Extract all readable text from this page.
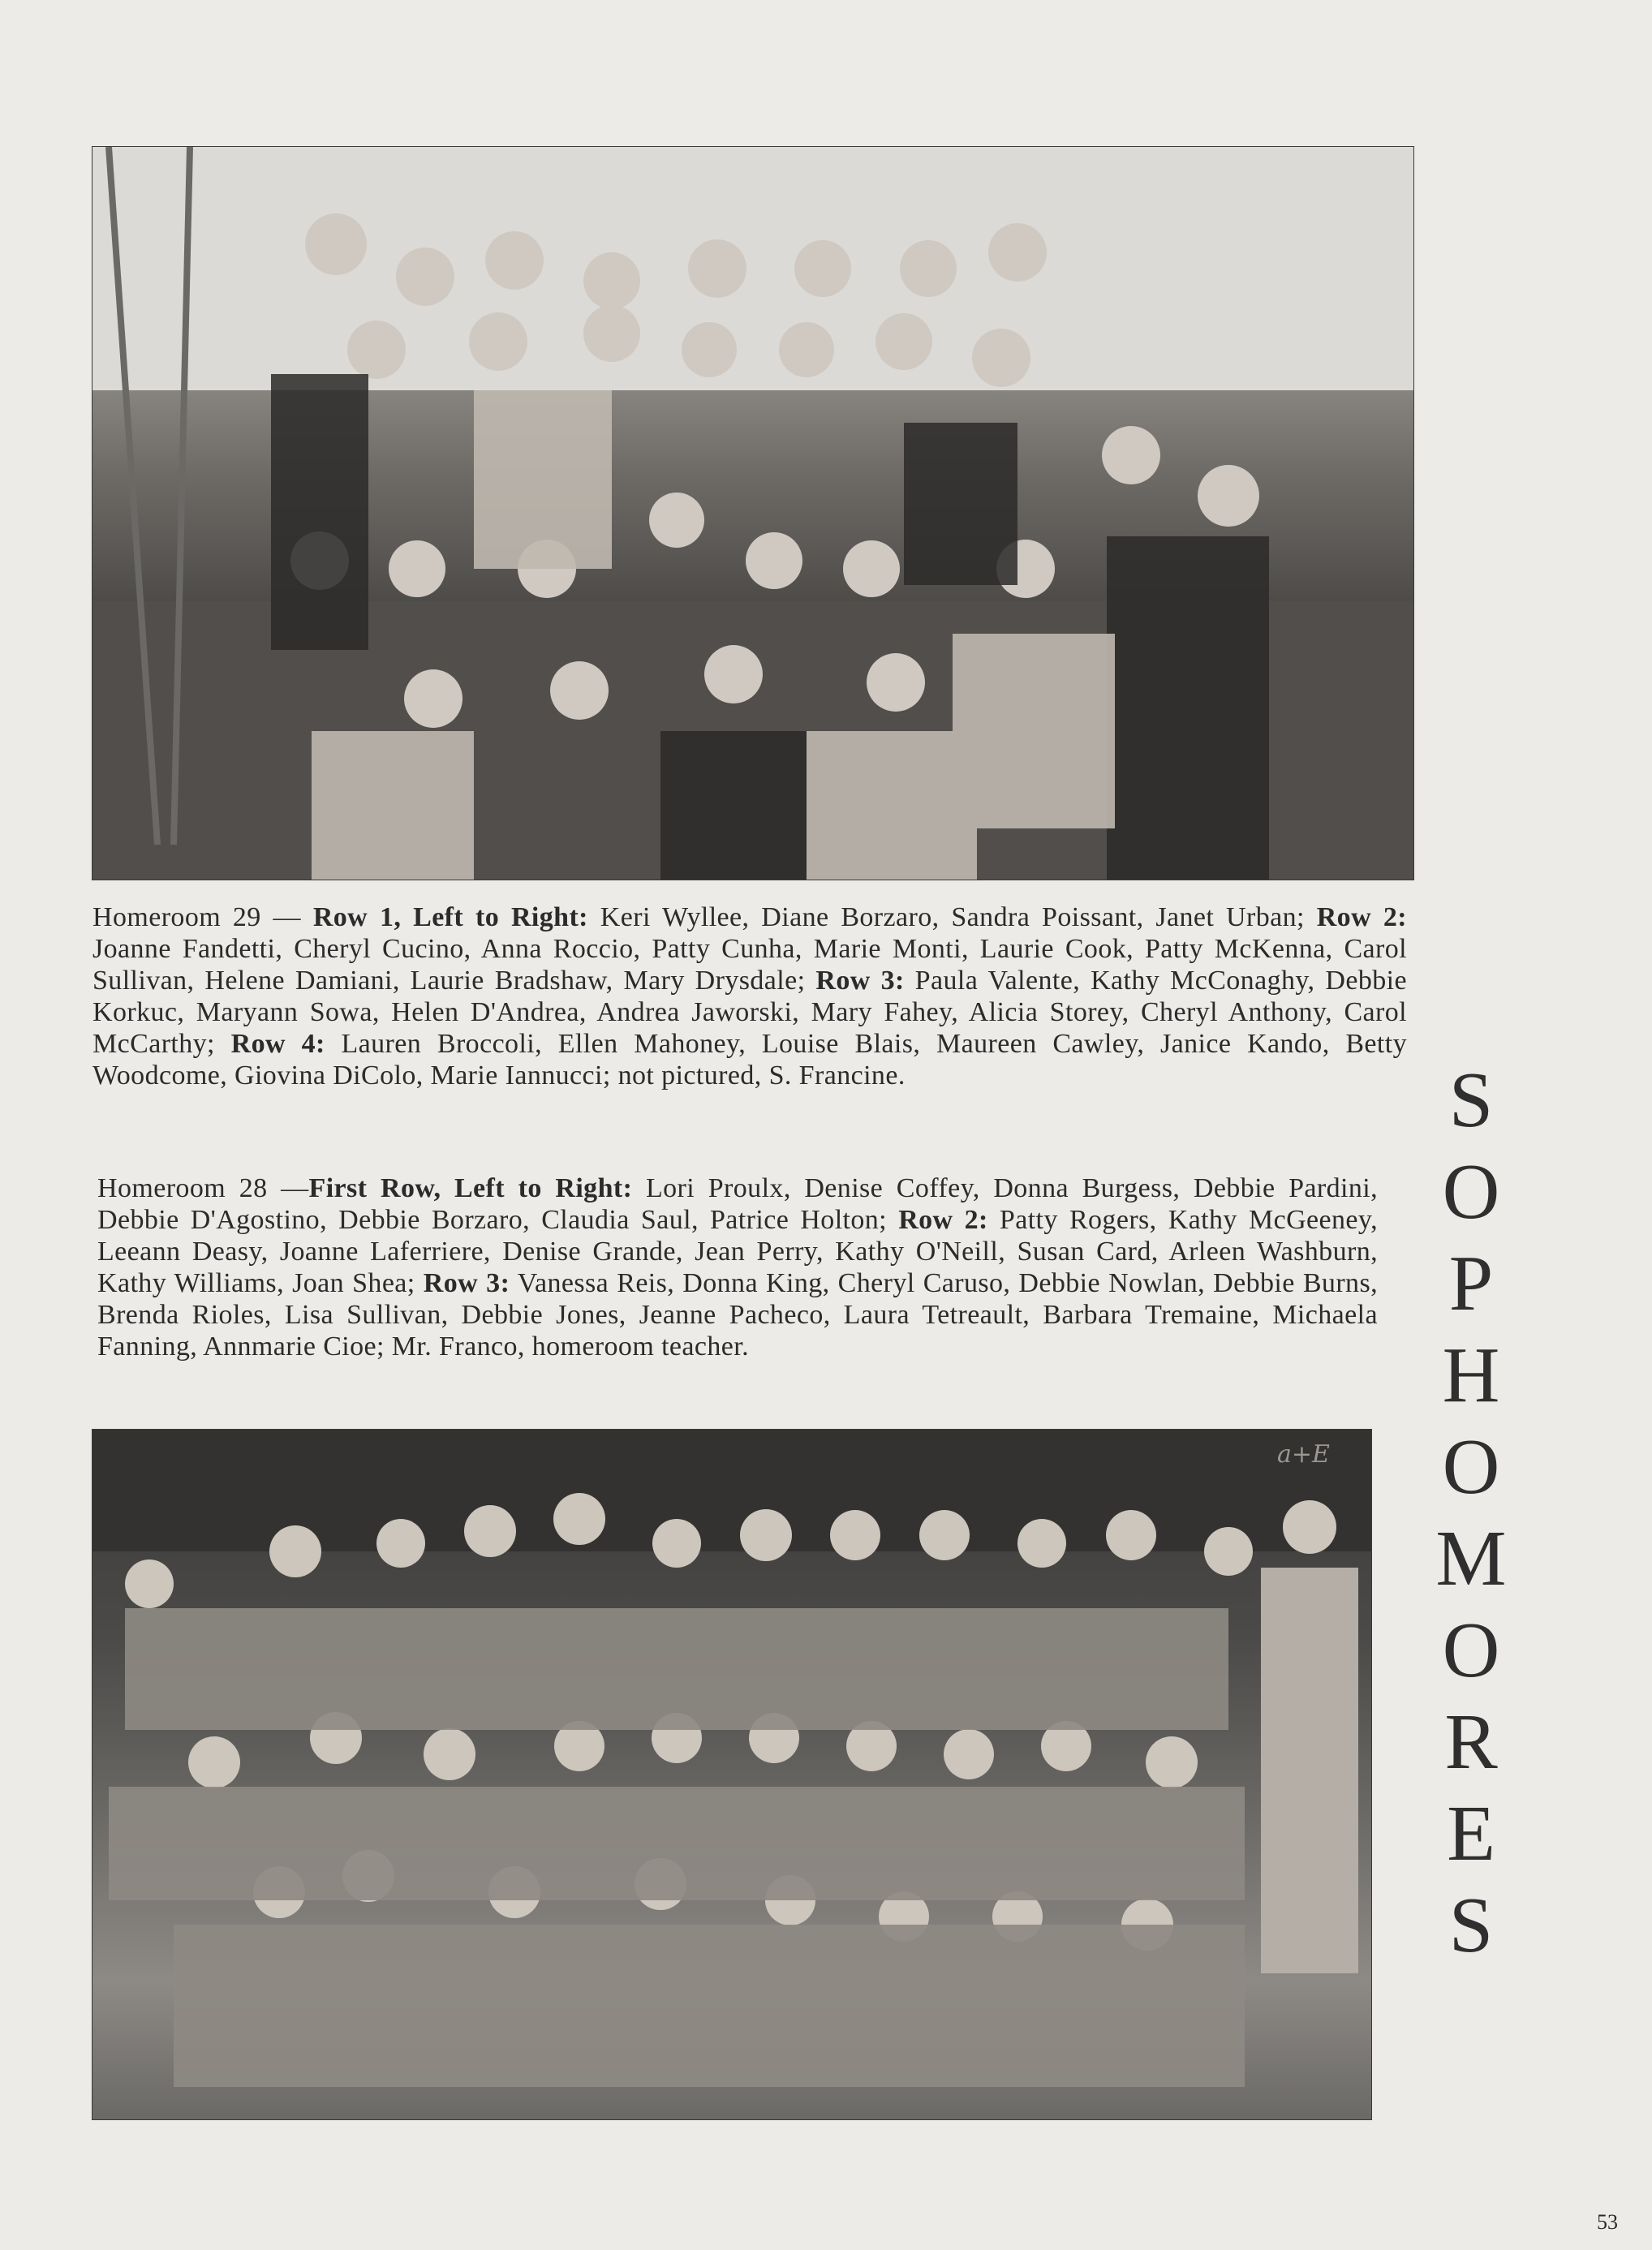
Homeroom 29 — Row 1, Left to Right: Keri Wyllee, Diane Borzaro, Sandra Poissant, Janet Urban; Row 2: Joanne Fandetti, Cheryl Cucino, Anna Roccio, Patty Cunha, Marie Monti, Laurie Cook, Patty McKenna, Carol Sullivan, Helene Damiani, Laurie Bradshaw, Mary Drysdale; Row 3: Paula Valente, Kathy McConaghy, Debbie Korkuc, Maryann Sowa, Helen D'Andrea, Andrea Jaworski, Mary Fahey, Alicia Storey, Cheryl Anthony, Carol McCarthy; Row 4: Lauren Broccoli, Ellen Mahoney, Louise Blais, Maureen Cawley, Janice Kando, Betty Woodcome, Giovina DiColo, Marie Iannucci; not pictured, S. Francine.
Homeroom 28 —First Row, Left to Right: Lori Proulx, Denise Coffey, Donna Burgess, Debbie Pardini, Debbie D'Agostino, Debbie Borzaro, Claudia Saul, Patrice Holton; Row 2: Patty Rogers, Kathy McGeeney, Leeann Deasy, Joanne Laferriere, Denise Grande, Jean Perry, Kathy O'Neill, Susan Card, Arleen Washburn, Kathy Williams, Joan Shea; Row 3: Vanessa Reis, Donna King, Cheryl Caruso, Debbie Nowlan, Debbie Burns, Brenda Rioles, Lisa Sullivan, Debbie Jones, Jeanne Pacheco, Laura Tetreault, Barbara Tremaine, Michaela Fanning, Annmarie Cioe; Mr. Franco, homeroom teacher.
a+E
S
O
P
H
O
M
O
R
E
S
53
